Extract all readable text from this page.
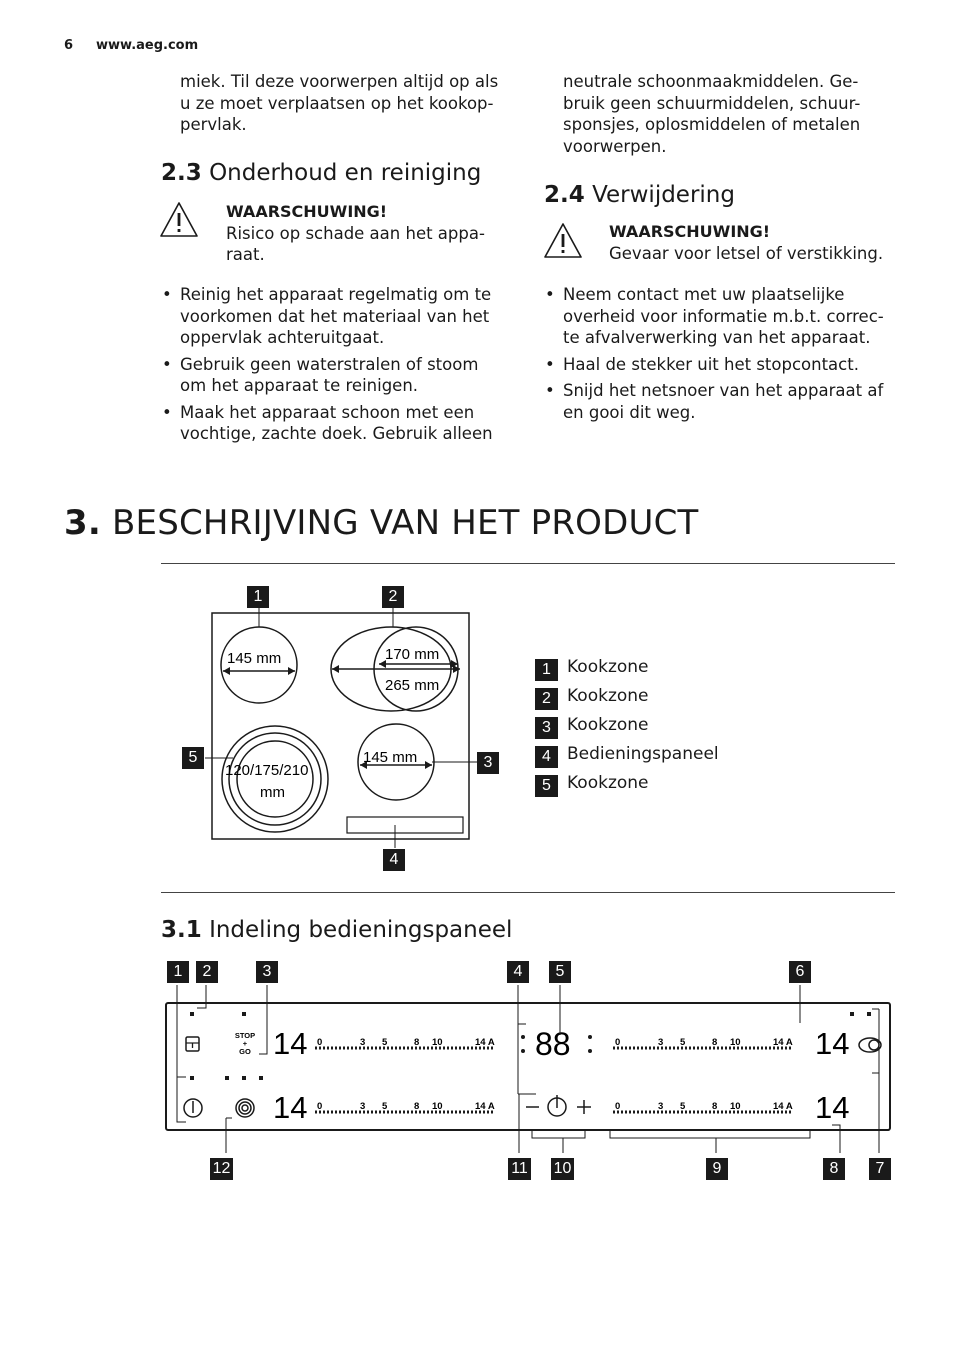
6 www.aeg.com

miek. Til deze voorwerpen altijd op als

u ze moet verplaatsen op het kookop-

pervlak.

2.3 Onderhoud en reiniging

WAARSCHUWING!

Risico op schade aan het appa-

raat.

• Reinig het apparaat regelmatig om te
voorkomen dat het materiaal van het
oppervlak achteruitgaat.
• Gebruik geen waterstralen of stoom
om het apparaat te reinigen.
• Maak het apparaat schoon met een
vochtige, zachte doek. Gebruik alleen

neutrale schoonmaakmiddelen. Ge-

bruik geen schuurmiddelen, schuur-

sponsjes, oplosmiddelen of metalen

voorwerpen.

2.4 Verwijdering

WAARSCHUWING!

Gevaar voor letsel of verstikking.

• Neem contact met uw plaatselijke
overheid voor informatie m.b.t. correc-
te afvalverwerking van het apparaat.
• Haal de stekker uit het stopcontact.
• Snijd het netsnoer van het apparaat af
en gooi dit weg.
3. BESCHRIJVING VAN HET PRODUCT
145 mm	170 mm
265 mm
120/175/210
mm
145 mm
1	2
3
4
5
1 Kookzone
2 Kookzone
3 Kookzone
4 Bedieningspaneel
5 Kookzone
3.1 Indeling bedieningspaneel
STOP
+
GO 14 0	3 5	8 10	14 A 88	0	3 5	8 10	14 A 14
14 0	3 5	8 10	14 A	0	3 5	8 10	14 A 14
1	2	3	4	5	6
12	11 10	9	8	7
